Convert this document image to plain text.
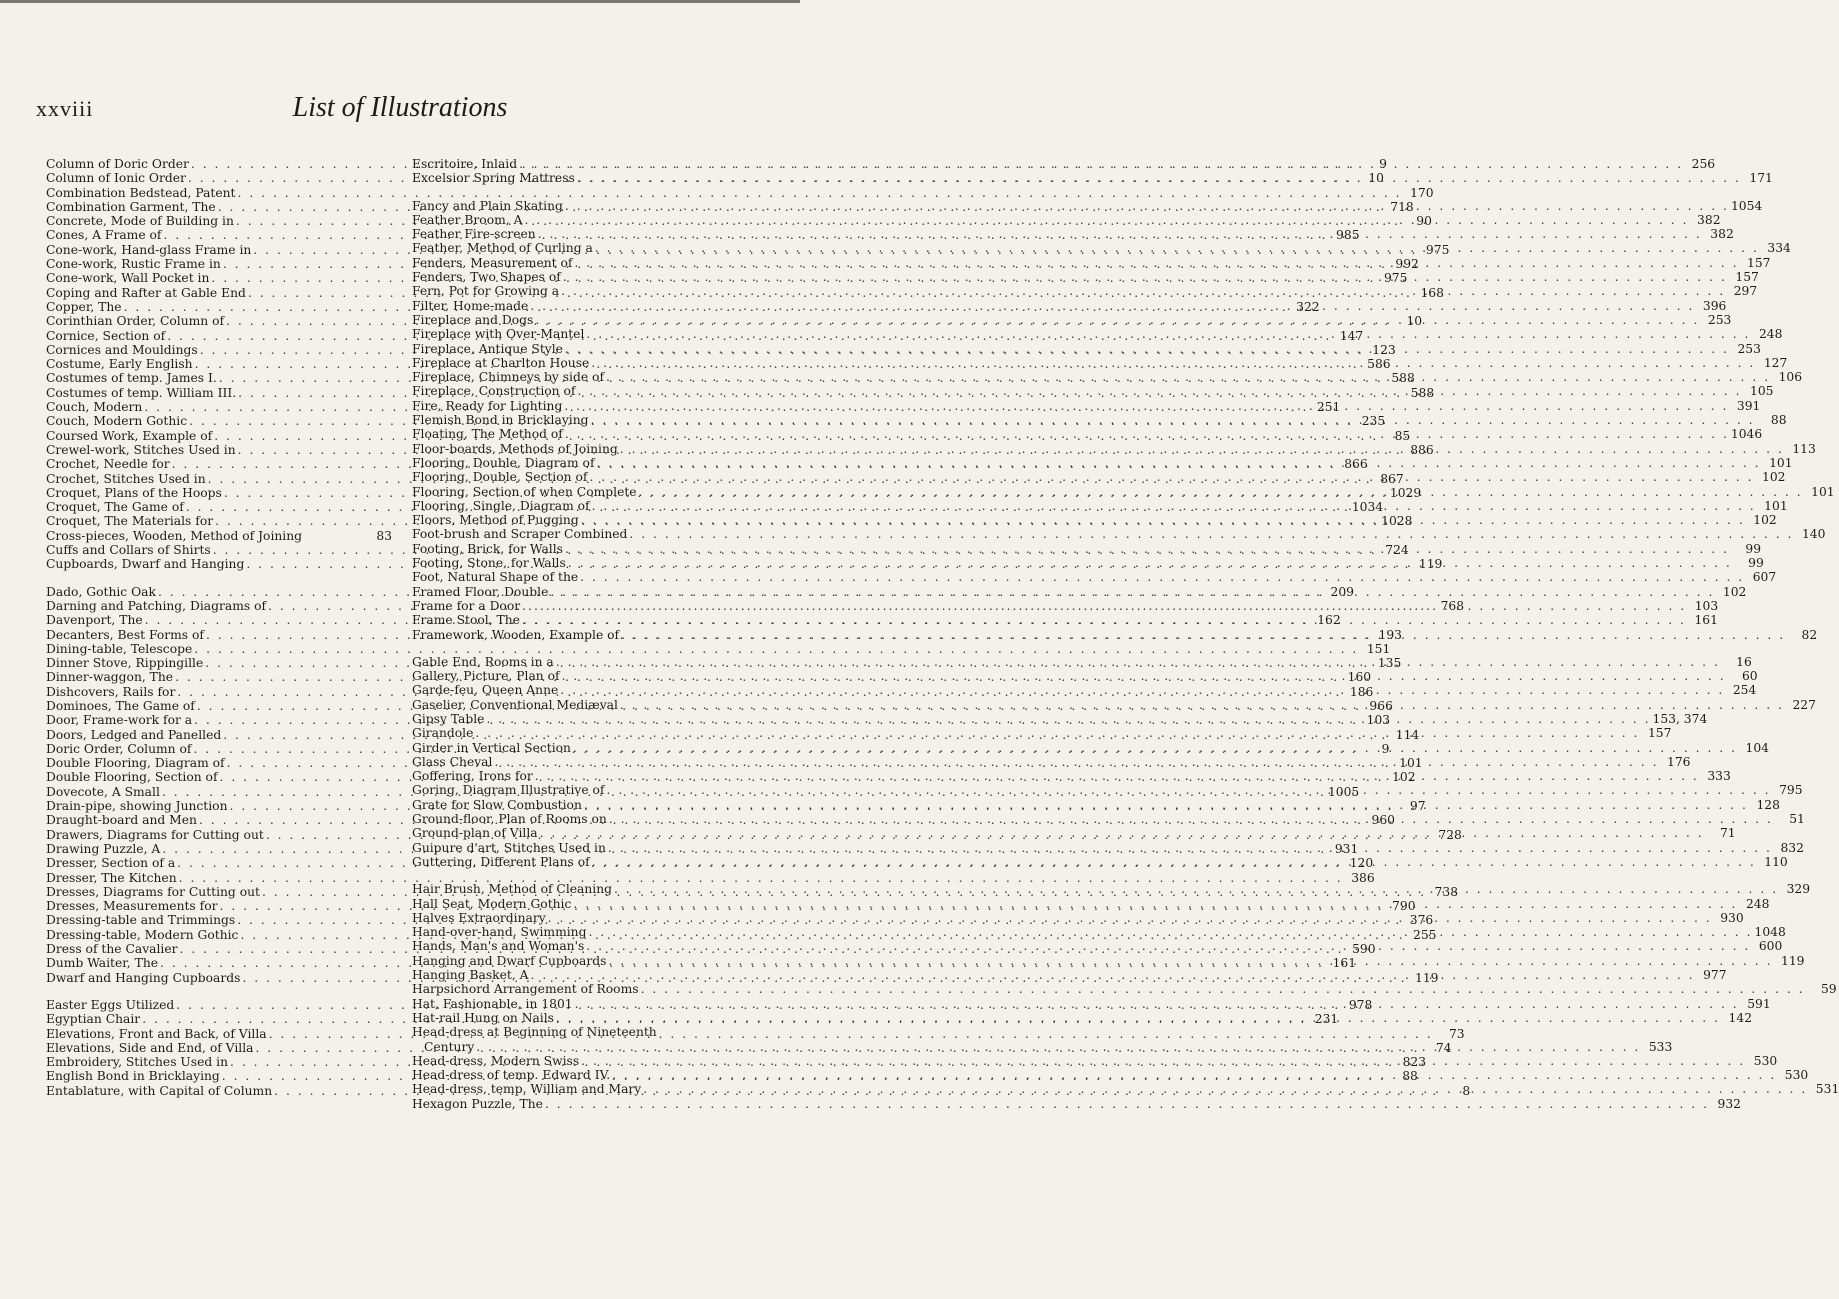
xxviii	List of Illustrations
Column of Doric Order . . .	9
Column of Ionic Order . . .	10
Combination Bedstead, Patent . . .	170
Combination Garment, The . . .	718
Concrete, Mode of Building in . . .	90
Cones, A Frame of . . .	985
Cone-work, Hand-glass Frame in . . .	975
Cone-work, Rustic Frame in . . .	992
Cone-work, Wall Pocket in . . .	975
Coping and Rafter at Gable End . . .	168
Copper, The . . .	322
Corinthian Order, Column of . . .	10
Cornice, Section of . . .	147
Cornices and Mouldings . . .	123
Costume, Early English . . .	586
Costumes of temp. James I. . . .	588
Costumes of temp. William III. . . .	588
Couch, Modern . . .	251
Couch, Modern Gothic . . .	235
Coursed Work, Example of . . .	85
Crewel-work, Stitches Used in . . .	886
Crochet, Needle for . . .	866
Crochet, Stitches Used in . . .	867
Croquet, Plans of the Hoops . . .	1029
Croquet, The Game of . . .	1034
Croquet, The Materials for . . .	1028
Cross-pieces, Wooden, Method of Joining	83
Cuffs and Collars of Shirts . . .	724
Cupboards, Dwarf and Hanging . . .	119
Dado, Gothic Oak . . .	209
Darning and Patching, Diagrams of . . .	768
Davenport, The . . .	162
Decanters, Best Forms of . . .	193
Dining-table, Telescope . . .	151
Dinner Stove, Rippingille . . .	135
Dinner-waggon, The . . .	160
Dishcovers, Rails for . . .	186
Dominoes, The Game of . . .	966
Door, Frame-work for a . . .	103
Doors, Ledged and Panelled . . .	114
Doric Order, Column of . . .	9
Double Flooring, Diagram of . . .	101
Double Flooring, Section of . . .	102
Dovecote, A Small . . .	1005
Drain-pipe, showing Junction . . .	97
Draught-board and Men . . .	960
Drawers, Diagrams for Cutting out . . .	728
Drawing Puzzle, A . . .	931
Dresser, Section of a . . .	120
Dresser, The Kitchen . . .	386
Dresses, Diagrams for Cutting out . . .	738
Dresses, Measurements for . . .	790
Dressing-table and Trimmings . . .	376
Dressing-table, Modern Gothic . . .	255
Dress of the Cavalier . . .	590
Dumb Waiter, The . . .	161
Dwarf and Hanging Cupboards . . .	119
Easter Eggs Utilized . . .	978
Egyptian Chair . . .	231
Elevations, Front and Back, of Villa . . .	73
Elevations, Side and End, of Villa . . .	74
Embroidery, Stitches Used in . . .	823
English Bond in Bricklaying . . .	88
Entablature, with Capital of Column . . .	8
Escritoire, Inlaid . . .	256
Excelsior Spring Mattress . . .	171
Fancy and Plain Skating . . .	1054
Feather Broom, A . . .	382
Feather Fire-screen . . .	382
Feather, Method of Curling a . . .	334
Fenders, Measurement of . . .	157
Fenders, Two Shapes of . . .	157
Fern, Pot for Growing a . . .	297
Filter, Home-made . . .	396
Fireplace and Dogs . . .	253
Fireplace with Over-Mantel . . .	248
Fireplace, Antique Style . . .	253
Fireplace at Charlton House . . .	127
Fireplace, Chimneys by side of . . .	106
Fireplace, Construction of . . .	105
Fire, Ready for Lighting . . .	391
Flemish Bond in Bricklaying . . .	88
Floating, The Method of . . .	1046
Floor-boards, Methods of Joining . . .	113
Flooring, Double, Diagram of . . .	101
Flooring, Double, Section of . . .	102
Flooring, Section of when Complete . . .	101
Flooring, Single, Diagram of . . .	101
Floors, Method of Pugging . . .	102
Foot-brush and Scraper Combined . . .	140
Footing, Brick, for Walls . . .	99
Footing, Stone, for Walls . . .	99
Foot, Natural Shape of the . . .	607
Framed Floor, Double . . .	102
Frame for a Door . . .	103
Frame Stool, The . . .	161
Framework, Wooden, Example of . . .	82
Gable End, Rooms in a . . .	16
Gallery, Picture, Plan of . . .	60
Garde-feu, Queen Anne . . .	254
Gaselier, Conventional Mediæval . . .	227
Gipsy Table . . .	153, 374
Girandole . . .	157
Girder in Vertical Section . . .	104
Glass Cheval . . .	176
Goffering, Irons for . . .	333
Goring, Diagram Illustrative of . . .	795
Grate for Slow Combustion . . .	128
Ground-floor, Plan of Rooms on . . .	51
Ground-plan of Villa . . .	71
Guipure d'art, Stitches Used in . . .	832
Guttering, Different Plans of . . .	110
Hair Brush, Method of Cleaning . . .	329
Hall Seat, Modern Gothic . . .	248
Halves Extraordinary . . .	930
Hand-over-hand, Swimming . . .	1048
Hands, Man's and Woman's . . .	600
Hanging and Dwarf Cupboards . . .	119
Hanging Basket, A . . .	977
Harpsichord Arrangement of Rooms . . .	59
Hat, Fashionable, in 1801 . . .	591
Hat-rail Hung on Nails . . .	142
Head-dress at Beginning of Nineteenth
Century . . .	533
Head-dress, Modern Swiss . . .	530
Head-dress of temp. Edward IV. . . .	530
Head-dress, temp. William and Mary . . .	531
Hexagon Puzzle, The . . .	932
